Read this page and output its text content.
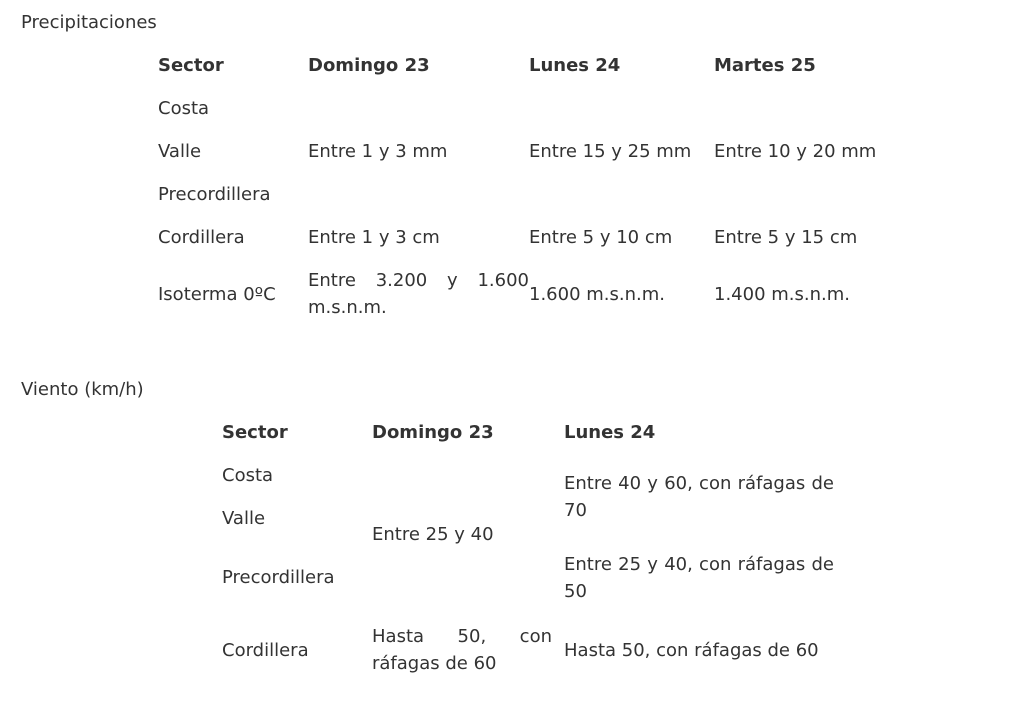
Precipitaciones
Sector	Domingo 23	Lunes 24	Martes 25
Costa			
Valle	Entre 1 y 3 mm	Entre 15 y 25 mm	Entre 10 y 20 mm
Precordillera			
Cordillera	Entre 1 y 3 cm	Entre 5 y 10 cm	Entre 5 y 15 cm
Isoterma 0ºC	Entre 3.200 y 1.600 m.s.n.m.	1.600 m.s.n.m.	1.400 m.s.n.m.
Viento (km/h)
Sector	Domingo 23	Lunes 24
Costa	Entre 25 y 40	Entre 40 y 60, con ráfagas de 70

Valle		
Precordillera		Entre 25 y 40, con ráfagas de 50

Cordillera	Hasta 50, con ráfagas de 60	Hasta 50, con ráfagas de 60
